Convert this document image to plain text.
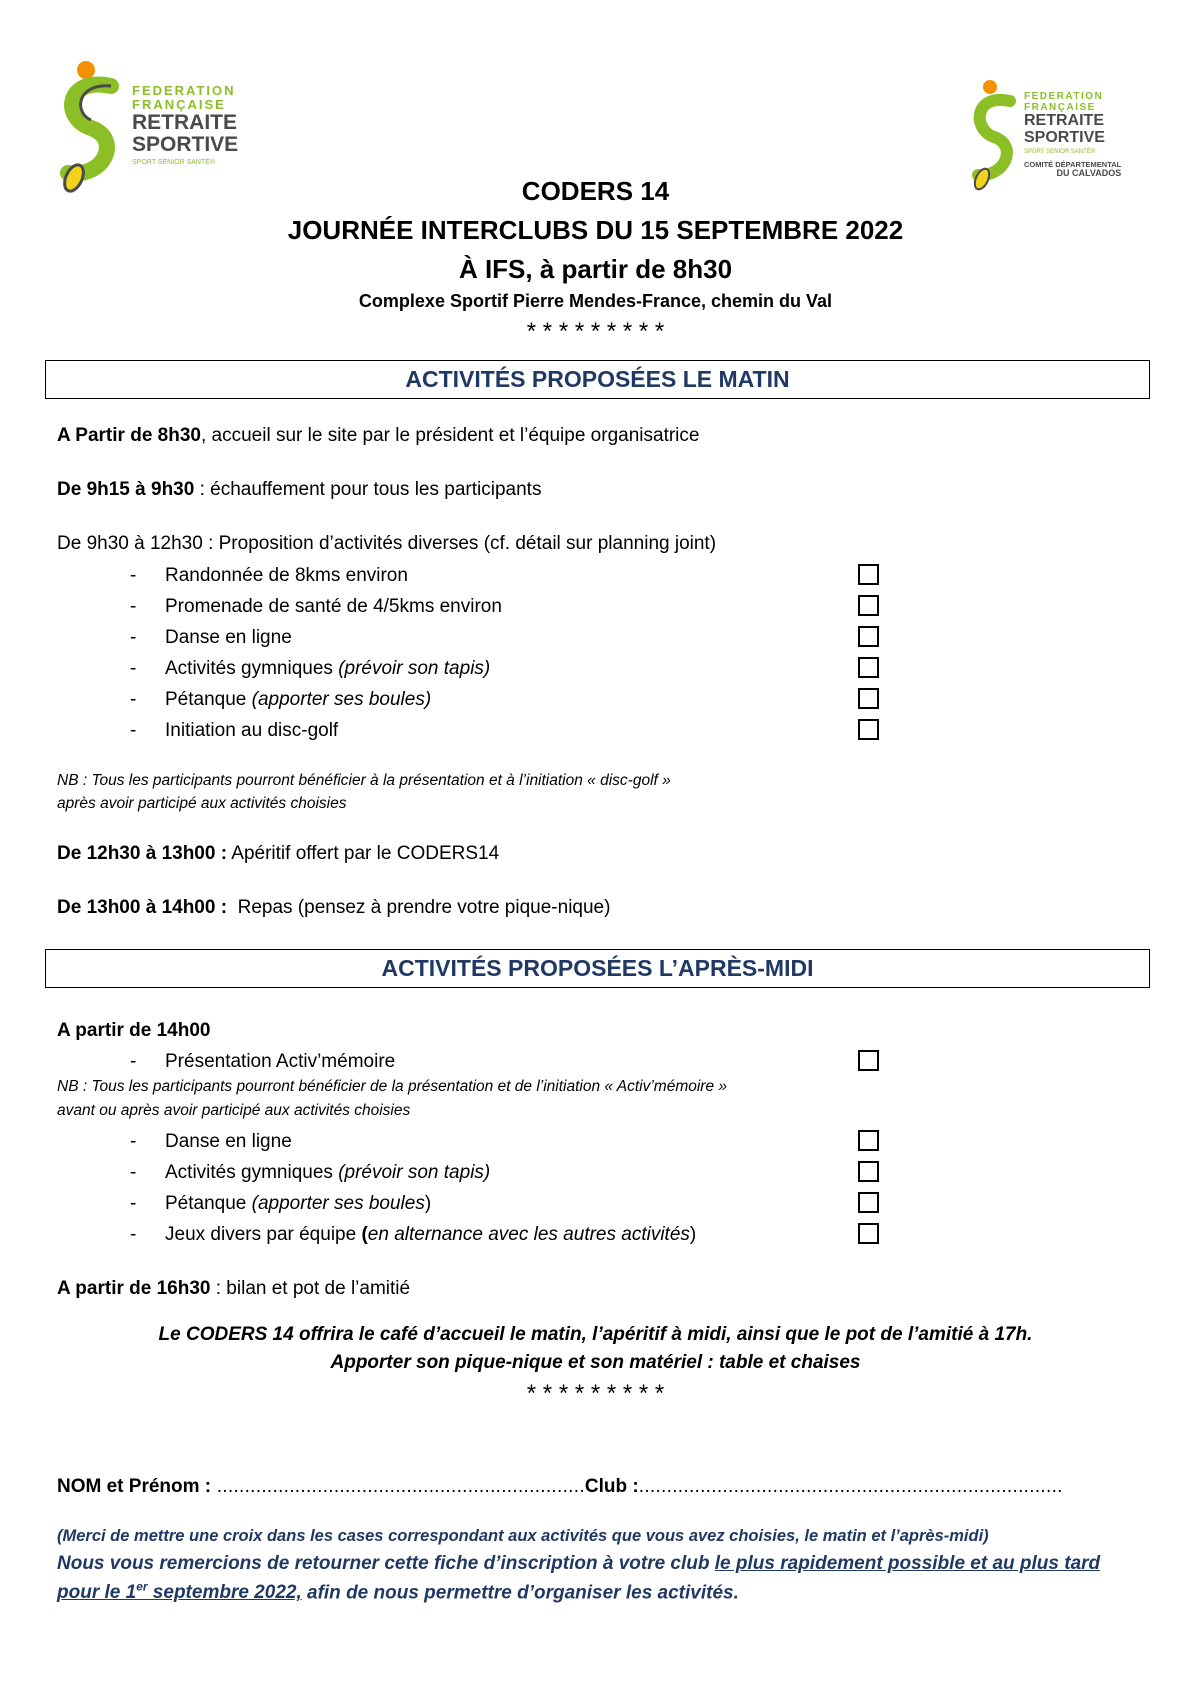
FEDERATION
FRANÇAISE
RETRAITE
SPORTIVE
SPORT SENIOR SANTÉ®
FEDERATION
FRANÇAISE
RETRAITE
SPORTIVE
SPORT SENIOR SANTÉ®
COMITÉ DÉPARTEMENTAL
DU CALVADOS
CODERS 14
JOURNÉE INTERCLUBS DU 15 SEPTEMBRE 2022
À IFS, à partir de 8h30
Complexe Sportif Pierre Mendes-France, chemin du Val
* * * * * * * * *
ACTIVITÉS PROPOSÉES LE MATIN
A Partir de 8h30, accueil sur le site par le président et l’équipe organisatrice
De 9h15 à 9h30 : échauffement pour tous les participants
De 9h30 à 12h30 : Proposition d’activités diverses (cf. détail sur planning joint)
- Randonnée de 8kms environ
- Promenade de santé de 4/5kms environ
- Danse en ligne
- Activités gymniques (prévoir son tapis)
- Pétanque (apporter ses boules)
- Initiation au disc-golf
NB : Tous les participants pourront bénéficier à la présentation et à l’initiation « disc-golf »
après avoir participé aux activités choisies
De 12h30 à 13h00 : Apéritif offert par le CODERS14
De 13h00 à 14h00 :  Repas (pensez à prendre votre pique-nique)
ACTIVITÉS PROPOSÉES L’APRÈS-MIDI
A partir de 14h00
- Présentation Activ’mémoire
NB : Tous les participants pourront bénéficier de la présentation et de l’initiation « Activ’mémoire »
avant ou après avoir participé aux activités choisies
- Danse en ligne
- Activités gymniques (prévoir son tapis)
- Pétanque (apporter ses boules)
- Jeux divers par équipe (en alternance avec les autres activités)
A partir de 16h30 : bilan et pot de l’amitié
Le CODERS 14 offrira le café d’accueil le matin, l’apéritif à midi, ainsi que le pot de l’amitié à 17h.
Apporter son pique-nique et son matériel : table et chaises
* * * * * * * * *
NOM et Prénom : ..................................................................Club :............................................................................
(Merci de mettre une croix dans les cases correspondant aux activités que vous avez choisies, le matin et l’après-midi)
Nous vous remercions de retourner cette fiche d’inscription à votre club le plus rapidement possible et au plus tard
pour le 1er septembre 2022, afin de nous permettre d’organiser les activités.
